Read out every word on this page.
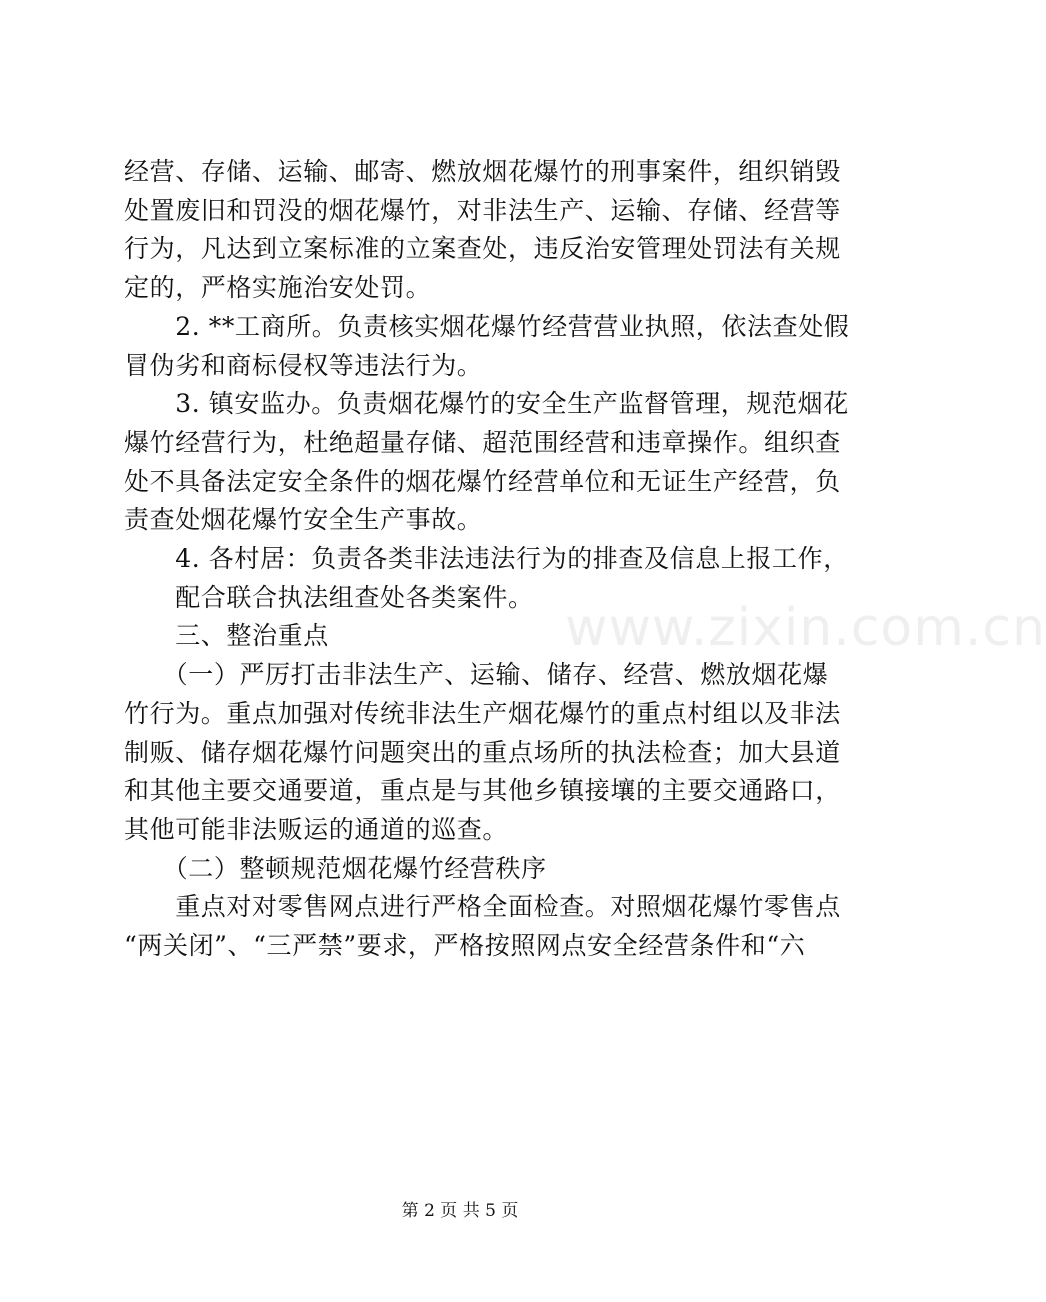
经营、存储、运输、邮寄、燃放烟花爆竹的刑事案件，组织销毁

处置废旧和罚没的烟花爆竹，对非法生产、运输、存储、经营等

行为，凡达到立案标准的立案查处，违反治安管理处罚法有关规

定的，严格实施治安处罚。

　　2. **工商所。负责核实烟花爆竹经营营业执照，依法查处假

冒伪劣和商标侵权等违法行为。

　　3. 镇安监办。负责烟花爆竹的安全生产监督管理，规范烟花

爆竹经营行为，杜绝超量存储、超范围经营和违章操作。组织查

处不具备法定安全条件的烟花爆竹经营单位和无证生产经营，负

责查处烟花爆竹安全生产事故。

　　4. 各村居：负责各类非法违法行为的排查及信息上报工作，

　　配合联合执法组查处各类案件。

　　三、整治重点

　　（一）严厉打击非法生产、运输、储存、经营、燃放烟花爆

竹行为。重点加强对传统非法生产烟花爆竹的重点村组以及非法

制贩、储存烟花爆竹问题突出的重点场所的执法检查；加大县道

和其他主要交通要道，重点是与其他乡镇接壤的主要交通路口，

其他可能非法贩运的通道的巡查。

　　（二）整顿规范烟花爆竹经营秩序

　　重点对对零售网点进行严格全面检查。对照烟花爆竹零售点

“两关闭”、“三严禁”要求，严格按照网点安全经营条件和“六

www.zixin.com.cn
第 2 页 共 5 页
